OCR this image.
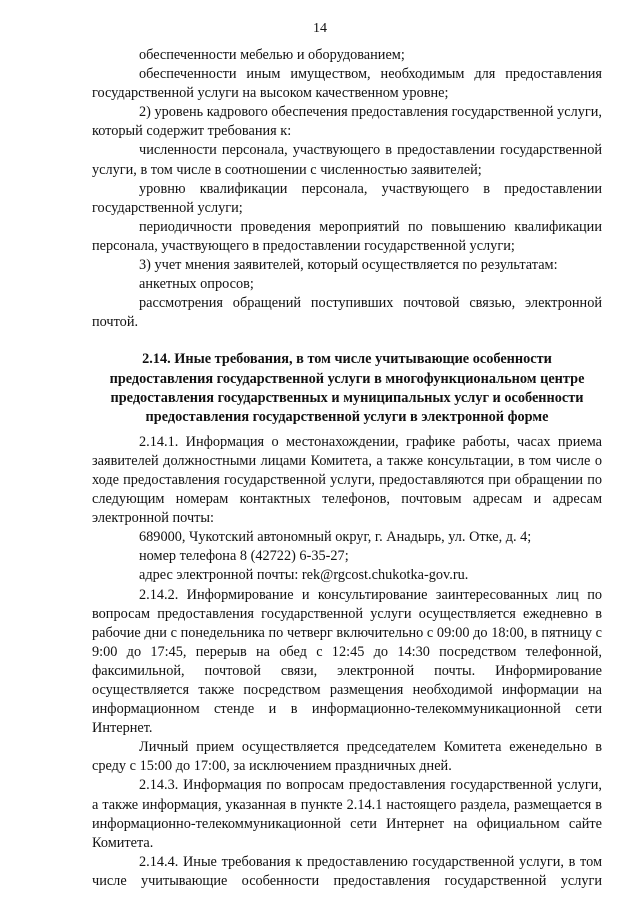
14

обеспеченности мебелью и оборудованием;

обеспеченности иным имуществом, необходимым для предоставления государственной услуги на высоком качественном уровне;

2) уровень кадрового обеспечения предоставления государственной услуги, который содержит требования к:

численности персонала, участвующего в предоставлении государственной услуги, в том числе в соотношении с численностью заявителей;

уровню квалификации персонала, участвующего в предоставлении государственной услуги;

периодичности проведения мероприятий по повышению квалификации персонала, участвующего в предоставлении государственной услуги;

3) учет мнения заявителей, который осуществляется по результатам:

анкетных опросов;

рассмотрения обращений поступивших почтовой связью, электронной почтой.

2.14. Иные требования, в том числе учитывающие особенности предоставления государственной услуги в многофункциональном центре предоставления государственных и муниципальных услуг и особенности предоставления государственной услуги в электронной форме

2.14.1. Информация о местонахождении, графике работы, часах приема заявителей должностными лицами Комитета, а также консультации, в том числе о ходе предоставления государственной услуги, предоставляются при обращении по следующим номерам контактных телефонов, почтовым адресам и адресам электронной почты:

689000, Чукотский автономный округ, г. Анадырь, ул. Отке, д. 4;

номер телефона 8 (42722) 6-35-27;

адрес электронной почты: rek@rgcost.chukotka-gov.ru.

2.14.2. Информирование и консультирование заинтересованных лиц по вопросам предоставления государственной услуги осуществляется ежедневно в рабочие дни с понедельника по четверг включительно с 09:00 до 18:00, в пятницу с 9:00 до 17:45, перерыв на обед с 12:45 до 14:30 посредством телефонной, факсимильной, почтовой связи, электронной почты. Информирование осуществляется также посредством размещения необходимой информации на информационном стенде и в информационно-телекоммуникационной сети Интернет.

Личный прием осуществляется председателем Комитета еженедельно в среду с 15:00 до 17:00, за исключением праздничных дней.

2.14.3. Информация по вопросам предоставления государственной услуги, а также информация, указанная в пункте 2.14.1 настоящего раздела, размещается в информационно-телекоммуникационной сети Интернет на официальном сайте Комитета.

2.14.4. Иные требования к предоставлению государственной услуги, в том числе учитывающие особенности предоставления государственной услуги
